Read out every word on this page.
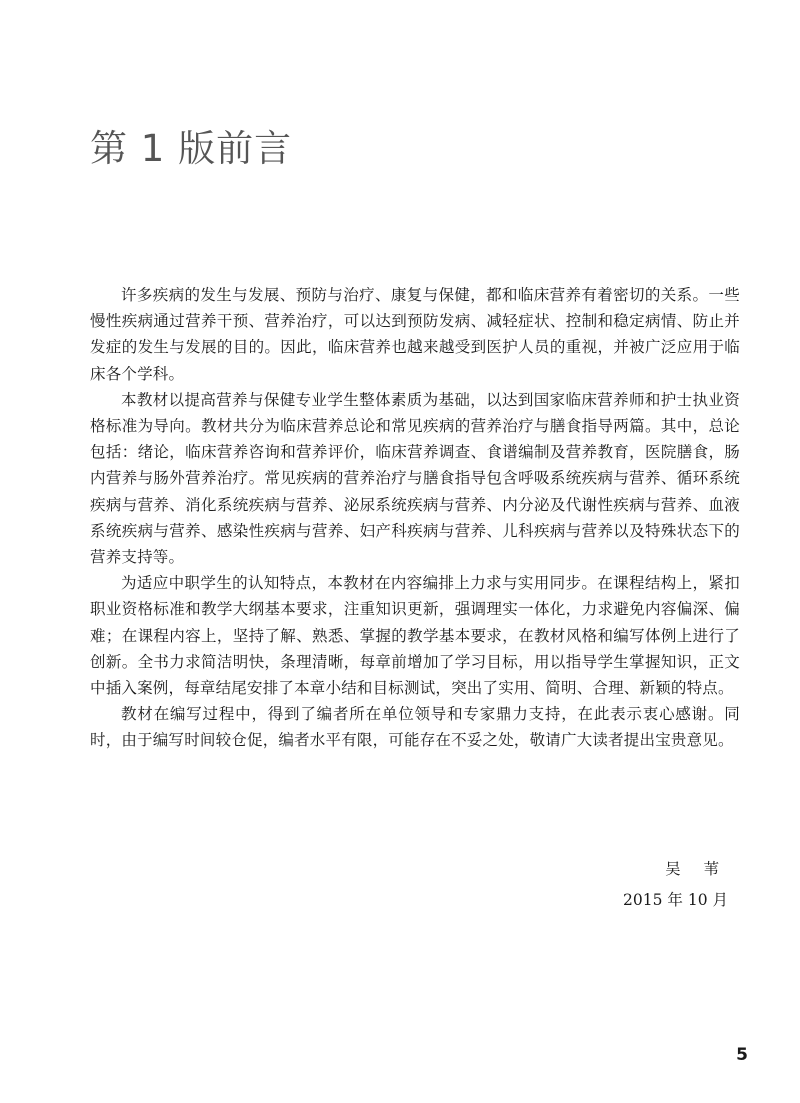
第 1 版前言

许多疾病的发生与发展、预防与治疗、康复与保健，都和临床营养有着密切的关系。一些慢性疾病通过营养干预、营养治疗，可以达到预防发病、减轻症状、控制和稳定病情、防止并发症的发生与发展的目的。因此，临床营养也越来越受到医护人员的重视，并被广泛应用于临床各个学科。

本教材以提高营养与保健专业学生整体素质为基础，以达到国家临床营养师和护士执业资格标准为导向。教材共分为临床营养总论和常见疾病的营养治疗与膳食指导两篇。其中，总论包括：绪论，临床营养咨询和营养评价，临床营养调查、食谱编制及营养教育，医院膳食，肠内营养与肠外营养治疗。常见疾病的营养治疗与膳食指导包含呼吸系统疾病与营养、循环系统疾病与营养、消化系统疾病与营养、泌尿系统疾病与营养、内分泌及代谢性疾病与营养、血液系统疾病与营养、感染性疾病与营养、妇产科疾病与营养、儿科疾病与营养以及特殊状态下的营养支持等。

为适应中职学生的认知特点，本教材在内容编排上力求与实用同步。在课程结构上，紧扣职业资格标准和教学大纲基本要求，注重知识更新，强调理实一体化，力求避免内容偏深、偏难；在课程内容上，坚持了解、熟悉、掌握的教学基本要求，在教材风格和编写体例上进行了创新。全书力求简洁明快，条理清晰，每章前增加了学习目标，用以指导学生掌握知识，正文中插入案例，每章结尾安排了本章小结和目标测试，突出了实用、简明、合理、新颖的特点。

教材在编写过程中，得到了编者所在单位领导和专家鼎力支持，在此表示衷心感谢。同时，由于编写时间较仓促，编者水平有限，可能存在不妥之处，敬请广大读者提出宝贵意见。

吴 苇
2015 年 10 月
5
